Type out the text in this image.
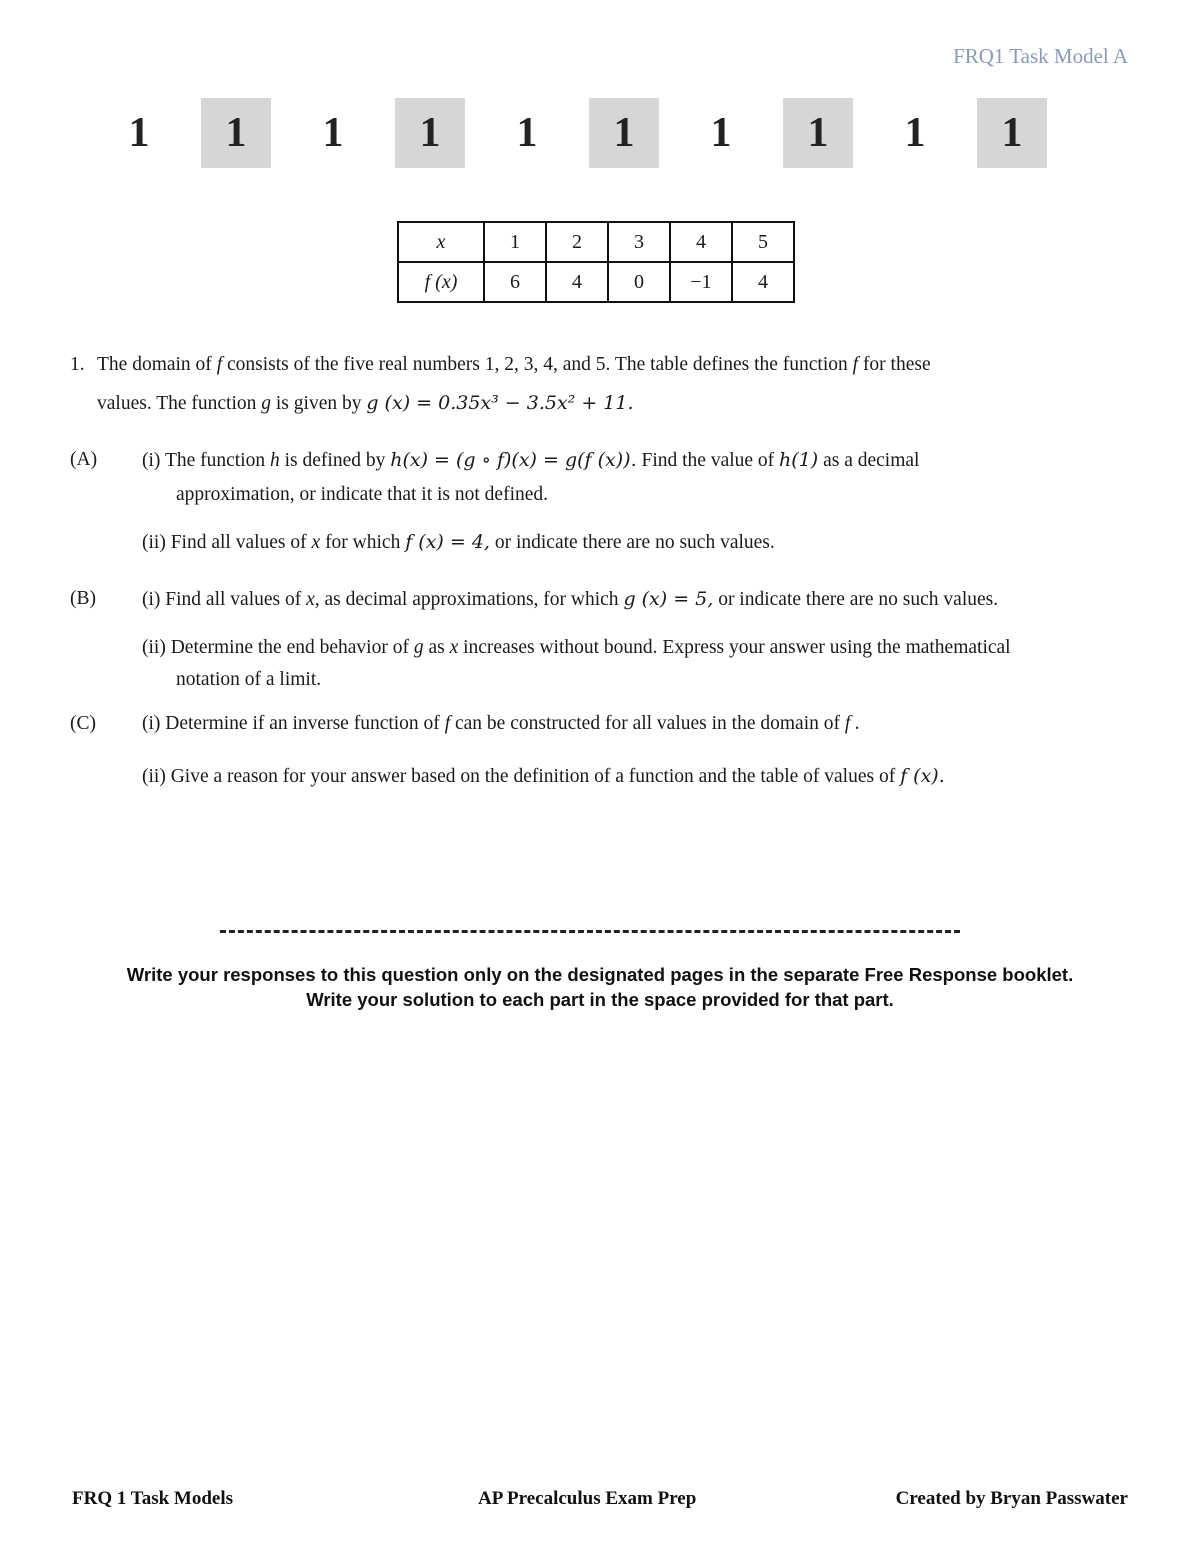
FRQ1 Task Model A
1	1	1	1	1	1	1	1	1	1
x	1	2	3	4	5
f (x)	6	4	0	−1	4
1. The domain of f consists of the five real numbers 1, 2, 3, 4, and 5. The table defines the function f for these
values. The function g is given by g (x) = 0.35x³ − 3.5x² + 11.
(A) (i) The function h is defined by h(x) = (g ∘ f)(x) = g(f (x)). Find the value of h(1) as a decimal
approximation, or indicate that it is not defined.
(ii) Find all values of x for which f (x) = 4, or indicate there are no such values.
(B) (i) Find all values of x, as decimal approximations, for which g (x) = 5, or indicate there are no such values.
(ii) Determine the end behavior of g as x increases without bound. Express your answer using the mathematical
notation of a limit.
(C) (i) Determine if an inverse function of f can be constructed for all values in the domain of f .
(ii) Give a reason for your answer based on the definition of a function and the table of values of f (x).
Write your responses to this question only on the designated pages in the separate Free Response booklet.
Write your solution to each part in the space provided for that part.
FRQ 1 Task Models	AP Precalculus Exam Prep	Created by Bryan Passwater
